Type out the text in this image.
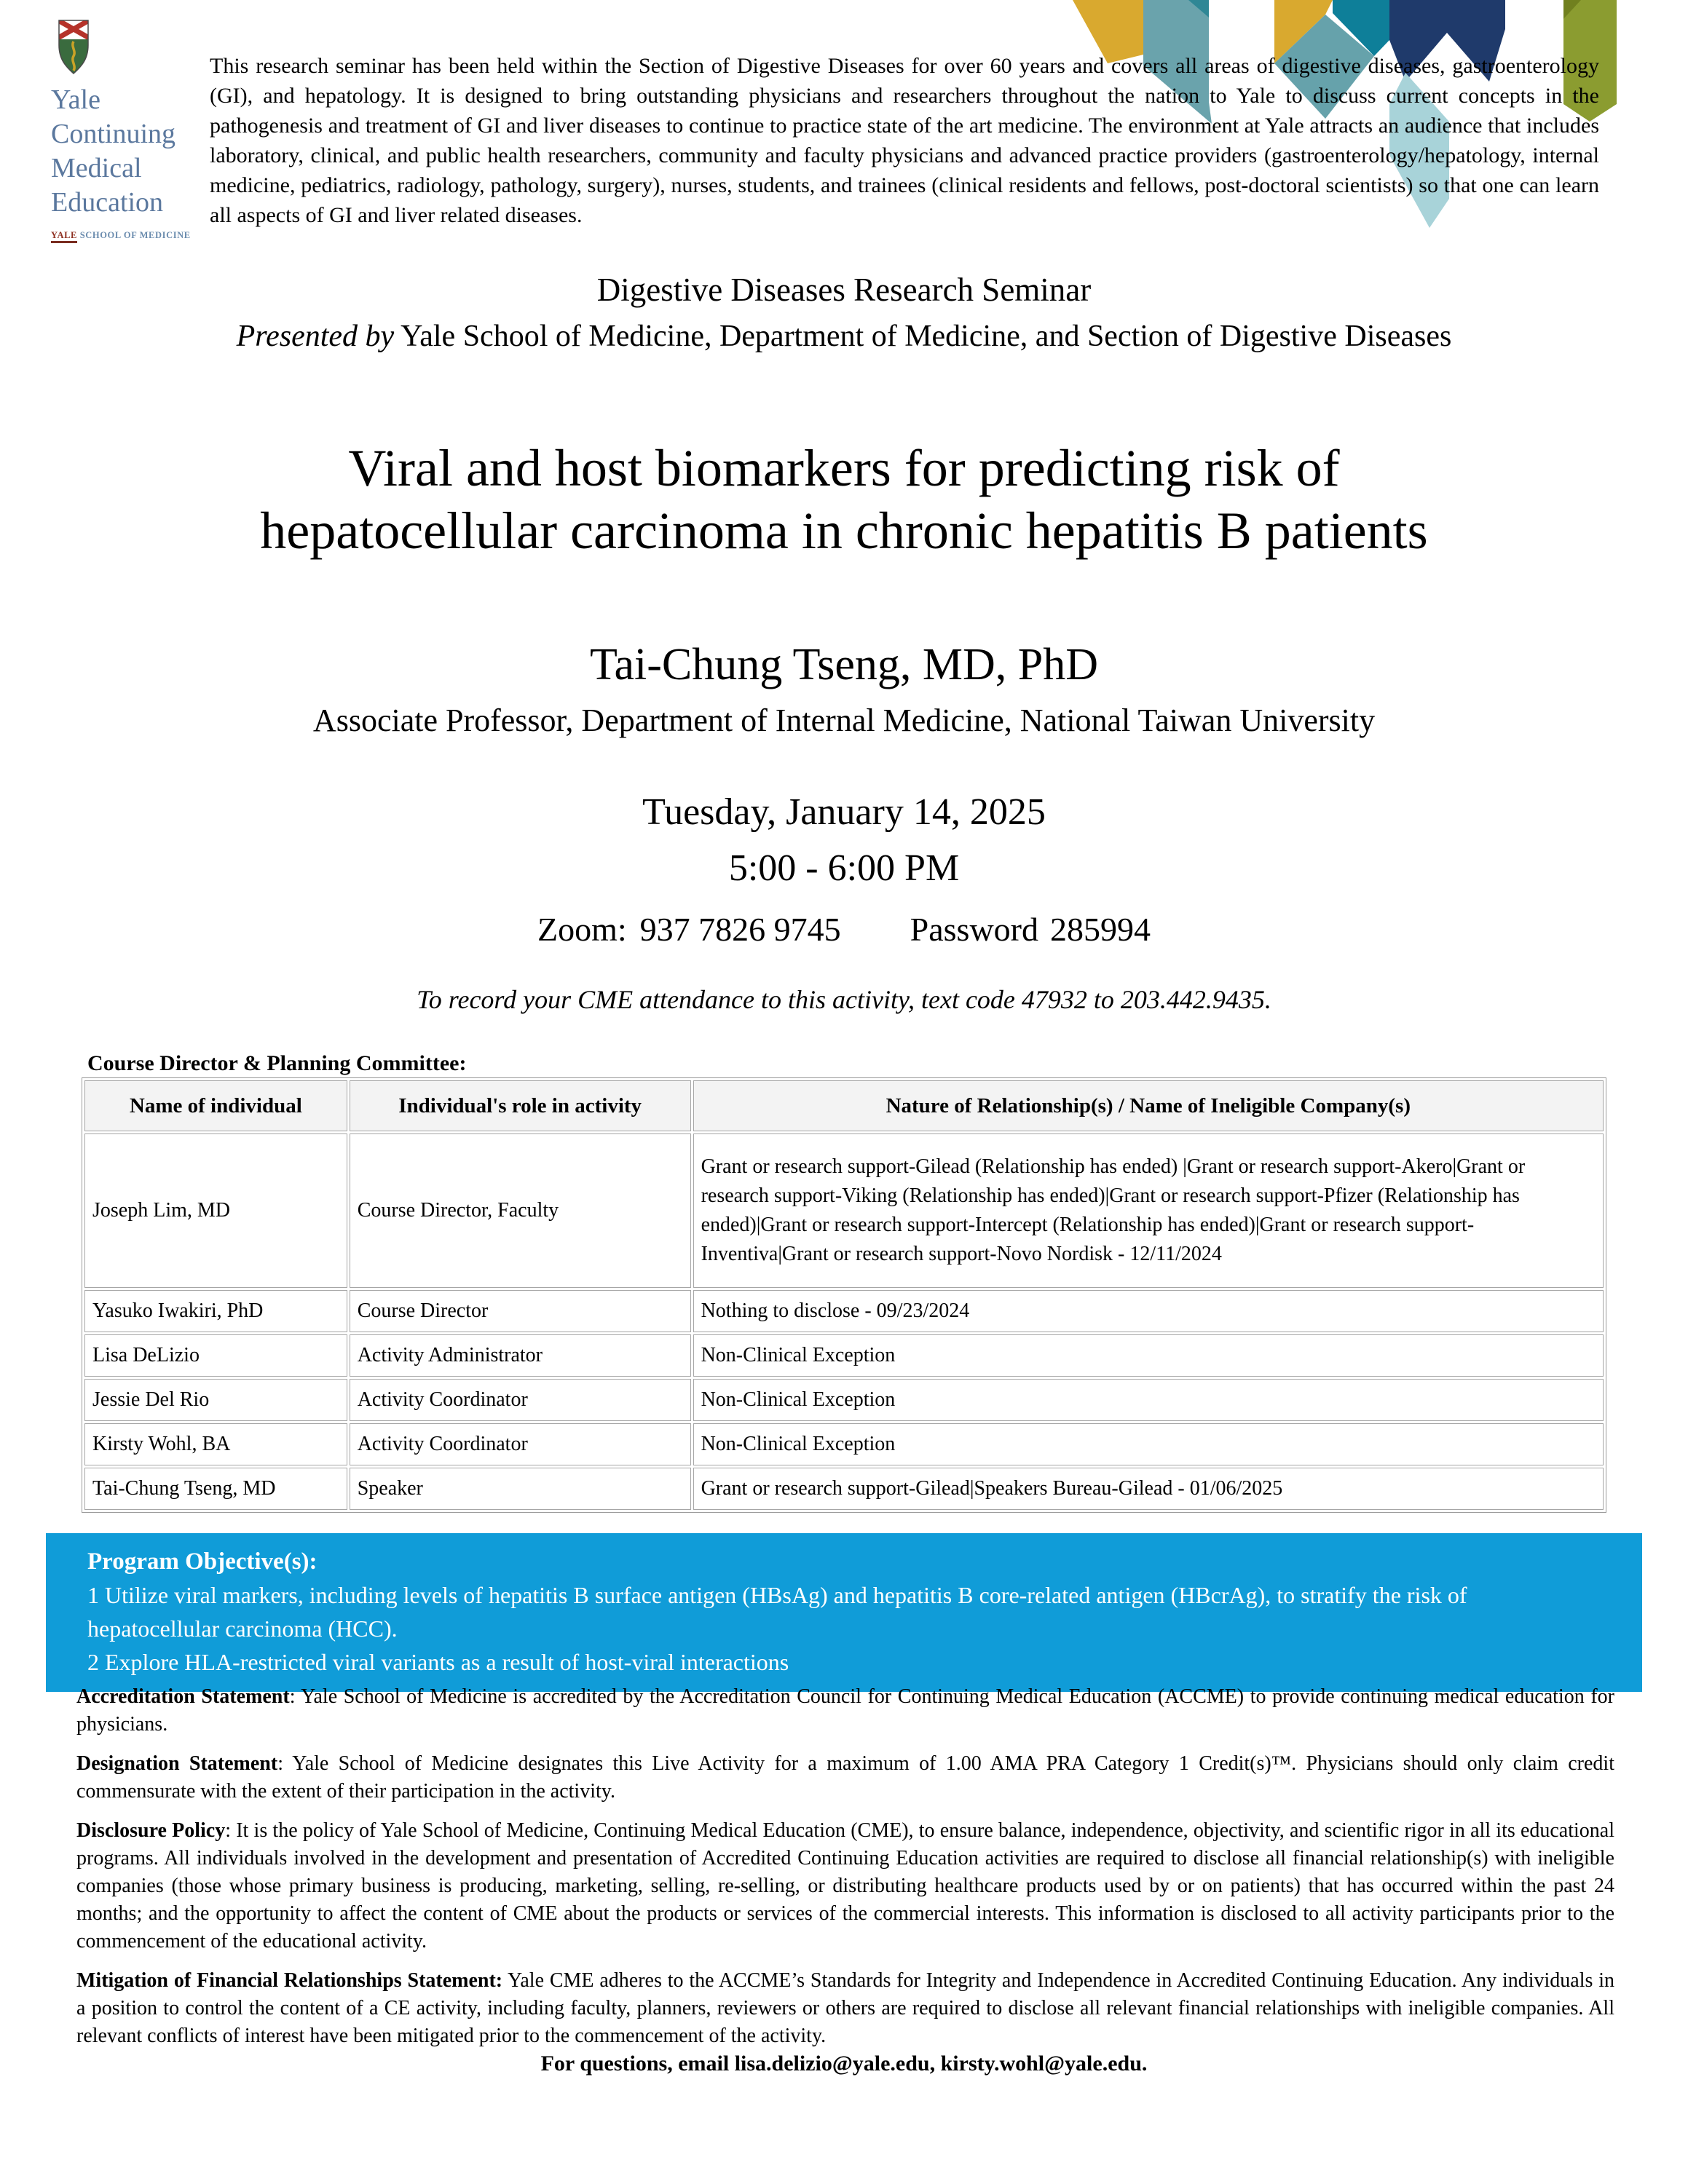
Yale
Continuing
Medical
Education
YALE SCHOOL OF MEDICINE
This research seminar has been held within the Section of Digestive Diseases for over 60 years and covers all areas of digestive diseases, gastroenterology (GI), and hepatology. It is designed to bring outstanding physicians and researchers throughout the nation to Yale to discuss current concepts in the pathogenesis and treatment of GI and liver diseases to continue to practice state of the art medicine. The environment at Yale attracts an audience that includes laboratory, clinical, and public health researchers, community and faculty physicians and advanced practice providers (gastroenterology/hepatology, internal medicine, pediatrics, radiology, pathology, surgery), nurses, students, and trainees (clinical residents and fellows, post-doctoral scientists) so that one can learn all aspects of GI and liver related diseases.
Digestive Diseases Research Seminar
Presented by Yale School of Medicine, Department of Medicine, and Section of Digestive Diseases
Viral and host biomarkers for predicting risk of
hepatocellular carcinoma in chronic hepatitis B patients
Tai-Chung Tseng, MD, PhD
Associate Professor, Department of Internal Medicine, National Taiwan University
Tuesday, January 14, 2025
5:00 - 6:00 PM
Zoom: 937 7826 9745 Password 285994
To record your CME attendance to this activity, text code 47932 to 203.442.9435.
Course Director & Planning Committee:
Name of individual	Individual's role in activity	Nature of Relationship(s) / Name of Ineligible Company(s)
Joseph Lim, MD	Course Director, Faculty	Grant or research support-Gilead (Relationship has ended) |Grant or research support-Akero|Grant or research support-Viking (Relationship has ended)|Grant or research support-Pfizer (Relationship has ended)|Grant or research support-Intercept (Relationship has ended)|Grant or research support-Inventiva|Grant or research support-Novo Nordisk - 12/11/2024
Yasuko Iwakiri, PhD	Course Director	Nothing to disclose - 09/23/2024
Lisa DeLizio	Activity Administrator	Non-Clinical Exception
Jessie Del Rio	Activity Coordinator	Non-Clinical Exception
Kirsty Wohl, BA	Activity Coordinator	Non-Clinical Exception
Tai-Chung Tseng, MD	Speaker	Grant or research support-Gilead|Speakers Bureau-Gilead - 01/06/2025
Program Objective(s):
1 Utilize viral markers, including levels of hepatitis B surface antigen (HBsAg) and hepatitis B core-related antigen (HBcrAg), to stratify the risk of hepatocellular carcinoma (HCC).
2 Explore HLA-restricted viral variants as a result of host-viral interactions

Accreditation Statement: Yale School of Medicine is accredited by the Accreditation Council for Continuing Medical Education (ACCME) to provide continuing medical education for physicians.

Designation Statement: Yale School of Medicine designates this Live Activity for a maximum of 1.00 AMA PRA Category 1 Credit(s)™. Physicians should only claim credit commensurate with the extent of their participation in the activity.

Disclosure Policy: It is the policy of Yale School of Medicine, Continuing Medical Education (CME), to ensure balance, independence, objectivity, and scientific rigor in all its educational programs. All individuals involved in the development and presentation of Accredited Continuing Education activities are required to disclose all financial relationship(s) with ineligible companies (those whose primary business is producing, marketing, selling, re-selling, or distributing healthcare products used by or on patients) that has occurred within the past 24 months; and the opportunity to affect the content of CME about the products or services of the commercial interests. This information is disclosed to all activity participants prior to the commencement of the educational activity.

Mitigation of Financial Relationships Statement: Yale CME adheres to the ACCME’s Standards for Integrity and Independence in Accredited Continuing Education. Any individuals in a position to control the content of a CE activity, including faculty, planners, reviewers or others are required to disclose all relevant financial relationships with ineligible companies. All relevant conflicts of interest have been mitigated prior to the commencement of the activity.

For questions, email lisa.delizio@yale.edu, kirsty.wohl@yale.edu.
